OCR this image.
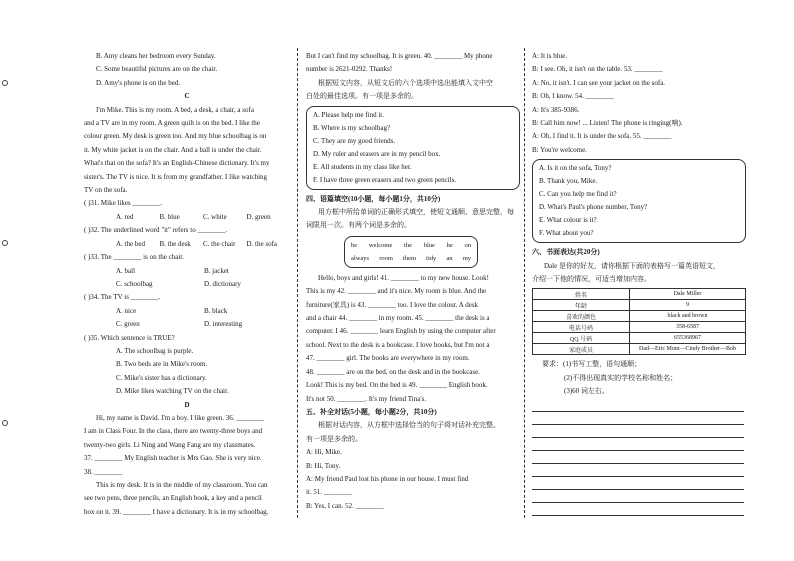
B. Amy cleans her bedroom every Sunday.
C. Some beautiful pictures are on the chair.
D. Amy's phone is on the bed.
C
I'm Mike. This is my room. A bed, a desk, a chair, a sofa
and a TV are in my room. A green quilt is on the bed. I like the
colour green. My desk is green too. And my blue schoolbag is on
it. My white jacket is on the chair. And a ball is under the chair.
What's that on the sofa? It's an English-Chinese dictionary. It's my
sister's. The TV is nice. It is from my grandfather. I like watching
TV on the sofa.
( )31. Mike likes ________.
A. red	B. blue	C. white	D. green
( )32. The underlined word "it" refers to ________.
A. the bed	B. the desk	C. the chair	D. the sofa
( )33. The ________ is on the chair.
A. ball	B. jacket
C. schoolbag	D. dictionary
( )34. The TV is ________.
A. nice	B. black
C. green	D. interesting
( )35. Which sentence is TRUE?
A. The schoolbag is purple.
B. Two beds are in Mike's room.
C. Mike's sister has a dictionary.
D. Mike likes watching TV on the chair.
D
Hi, my name is David. I'm a boy. I like green. 36. ________
I am in Class Four. In the class, there are twenty-three boys and
twenty-two girls. Li Ning and Wang Fang are my classmates.
37. ________ My English teacher is Mrs Gao. She is very nice.
38. ________
This is my desk. It is in the middle of my classroom. You can
see two pens, three pencils, an English book, a key and a pencil
box on it. 39. ________ I have a dictionary. It is in my schoolbag.
But I can't find my schoolbag. It is green. 40. ________ My phone
number is 2621-0292. Thanks!
根据短文内容，从短文后的六个选项中选出能填入文中空
白处的最佳选项。有一项是多余的。
A. Please help me find it.
B. Where is my schoolbag?
C. They are my good friends.
D. My ruler and erasers are in my pencil box.
E. All students in my class like her.
F. I have three green erasers and two green pencils.
四、语篇填空(10小题，每小题1分，共10分)
用方框中所给单词的正确形式填空，使短文通顺、意思完整，每
词限用一次。有两个词是多余的。
be welcome the blue he on
always room them tidy an my
Hello, boys and girls! 41. ________ to my new house. Look!
This is my 42. ________ and it's nice. My room is blue. And the
furniture(家具) is 43. ________ too. I love the colour. A desk
and a chair 44. ________ in my room. 45. ________ the desk is a
computer. I 46. ________ learn English by using the computer after
school. Next to the desk is a bookcase. I love books, but I'm not a
47. ________ girl. The books are everywhere in my room.
48. ________ are on the bed, on the desk and in the bookcase.
Look! This is my bed. On the bed is 49. ________ English book.
It's not 50. ________. It's my friend Tina's.
五、补全对话(5小题，每小题2分，共10分)
根据对话内容，从方框中选择恰当的句子将对话补充完整。
有一项是多余的。
A: Hi, Mike.
B: Hi, Tony.
A: My friend Paul lost his phone in our house. I must find
it. 51. ________
B: Yes, I can. 52. ________
A: It is blue.
B: I see. Oh, it isn't on the table. 53. ________
A: No, it isn't. I can see your jacket on the sofa.
B: Oh, I know. 54. ________
A: It's 385-9386.
B: Call him now! ... Listen! The phone is ringing(响).
A: Oh, I find it. It is under the sofa. 55. ________
B: You're welcome.
A. Is it on the sofa, Tony?
B. Thank you, Mike.
C. Can you help me find it?
D. What's Paul's phone number, Tony?
E. What colour is it?
F. What about you?
六、书面表达(共20分)
Dale 是你的好友，请你根据下面的表格写一篇英语短文，
介绍一下他的情况，可适当增加内容。
姓名	Dale Miller
年龄	9
喜欢的颜色	black and brown
电话号码	358-6587
QQ 号码	655368967
家庭成员	Dad—Eric Mum—Cindy Brother—Bob
要求：(1)书写工整，语句通顺；
(2)不得出现真实的学校名称和姓名；
(3)60 词左右。
